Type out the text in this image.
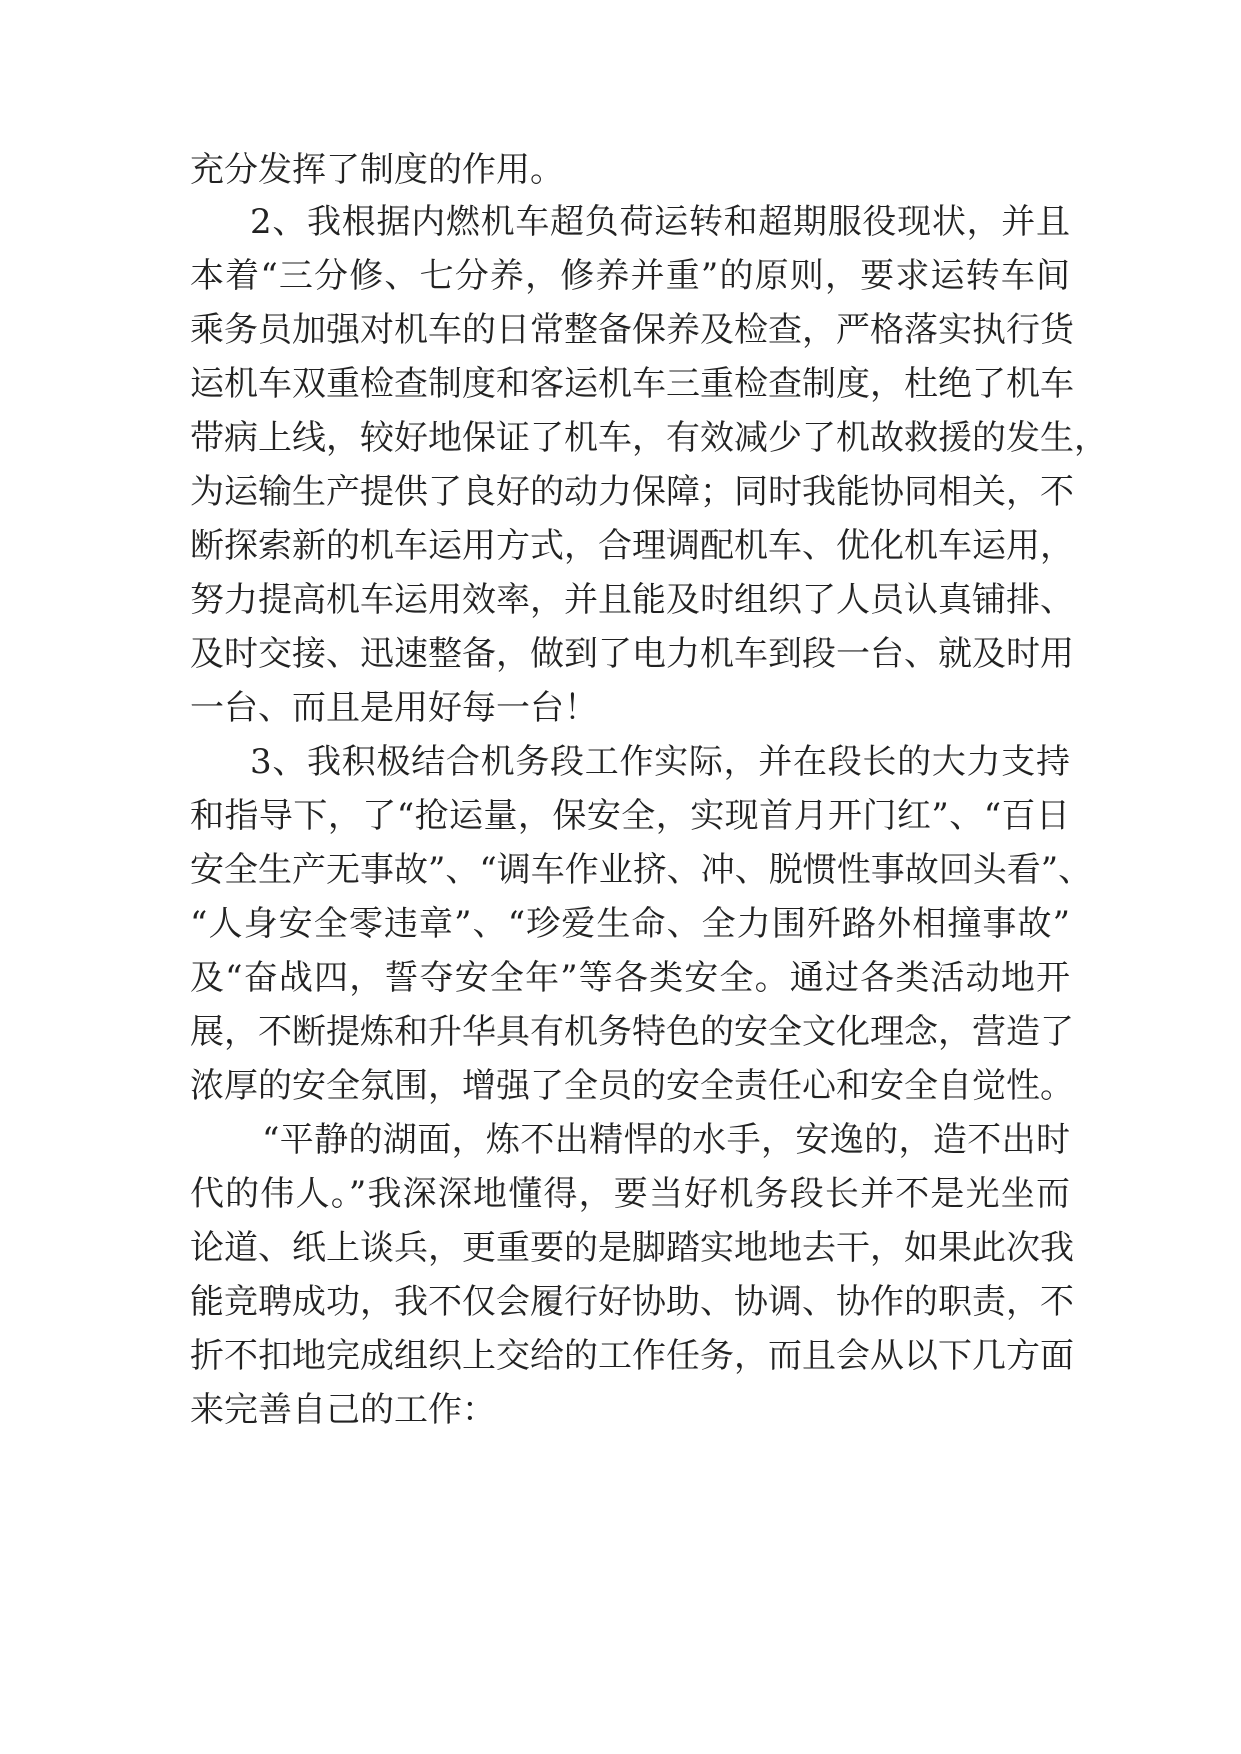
充分发挥了制度的作用。
2、我根据内燃机车超负荷运转和超期服役现状，并且
本着“三分修、七分养，修养并重”的原则，要求运转车间
乘务员加强对机车的日常整备保养及检查，严格落实执行货
运机车双重检查制度和客运机车三重检查制度，杜绝了机车
带病上线，较好地保证了机车，有效减少了机故救援的发生，
为运输生产提供了良好的动力保障；同时我能协同相关，不
断探索新的机车运用方式，合理调配机车、优化机车运用，
努力提高机车运用效率，并且能及时组织了人员认真铺排、
及时交接、迅速整备，做到了电力机车到段一台、就及时用
一台、而且是用好每一台！
3、我积极结合机务段工作实际，并在段长的大力支持
和指导下，了“抢运量，保安全，实现首月开门红”、“百日
安全生产无事故”、“调车作业挤、冲、脱惯性事故回头看”、
“人身安全零违章”、“珍爱生命、全力围歼路外相撞事故”
及“奋战四，誓夺安全年”等各类安全。通过各类活动地开
展，不断提炼和升华具有机务特色的安全文化理念，营造了
浓厚的安全氛围，增强了全员的安全责任心和安全自觉性。
“平静的湖面，炼不出精悍的水手，安逸的，造不出时
代的伟人。”我深深地懂得，要当好机务段长并不是光坐而
论道、纸上谈兵，更重要的是脚踏实地地去干，如果此次我
能竞聘成功，我不仅会履行好协助、协调、协作的职责，不
折不扣地完成组织上交给的工作任务，而且会从以下几方面
来完善自己的工作：
